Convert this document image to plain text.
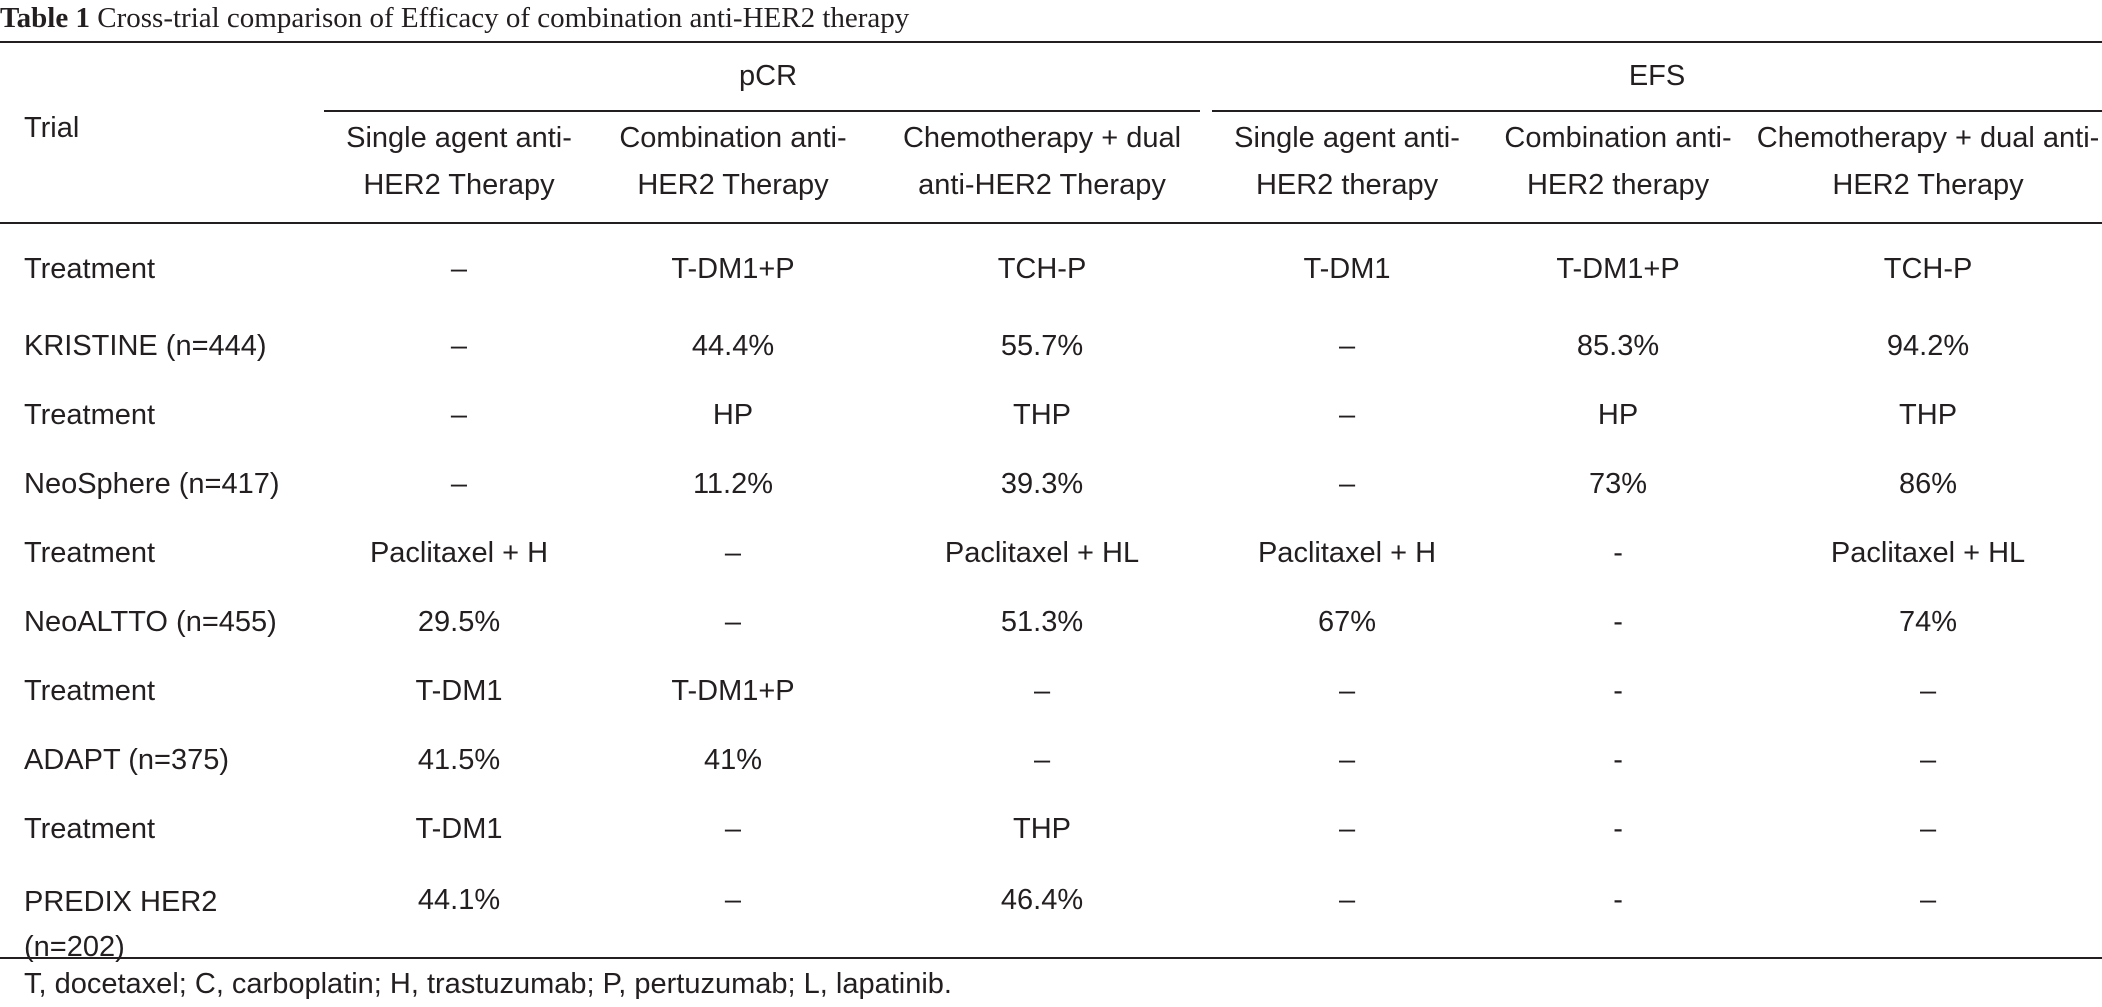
Table 1 Cross-trial comparison of Efficacy of combination anti-HER2 therapy
Trial	pCR			EFS		
	Single agent anti-HER2 Therapy	Combination anti-HER2 Therapy	Chemotherapy + dual anti-HER2 Therapy	Single agent anti-HER2 therapy	Combination anti-HER2 therapy	Chemotherapy + dual anti-HER2 Therapy
Treatment	–	T-DM1+P	TCH-P	T-DM1	T-DM1+P	TCH-P
KRISTINE (n=444)	–	44.4%	55.7%	–	85.3%	94.2%
Treatment	–	HP	THP	–	HP	THP
NeoSphere (n=417)	–	11.2%	39.3%	–	73%	86%
Treatment	Paclitaxel + H	–	Paclitaxel + HL	Paclitaxel + H	-	Paclitaxel + HL
NeoALTTO (n=455)	29.5%	–	51.3%	67%	-	74%
Treatment	T-DM1	T-DM1+P	–	–	-	–
ADAPT (n=375)	41.5%	41%	–	–	-	–
Treatment	T-DM1	–	THP	–	-	–
PREDIX HER2 (n=202)	44.1%	–	46.4%	–	-	–
T, docetaxel; C, carboplatin; H, trastuzumab; P, pertuzumab; L, lapatinib.
